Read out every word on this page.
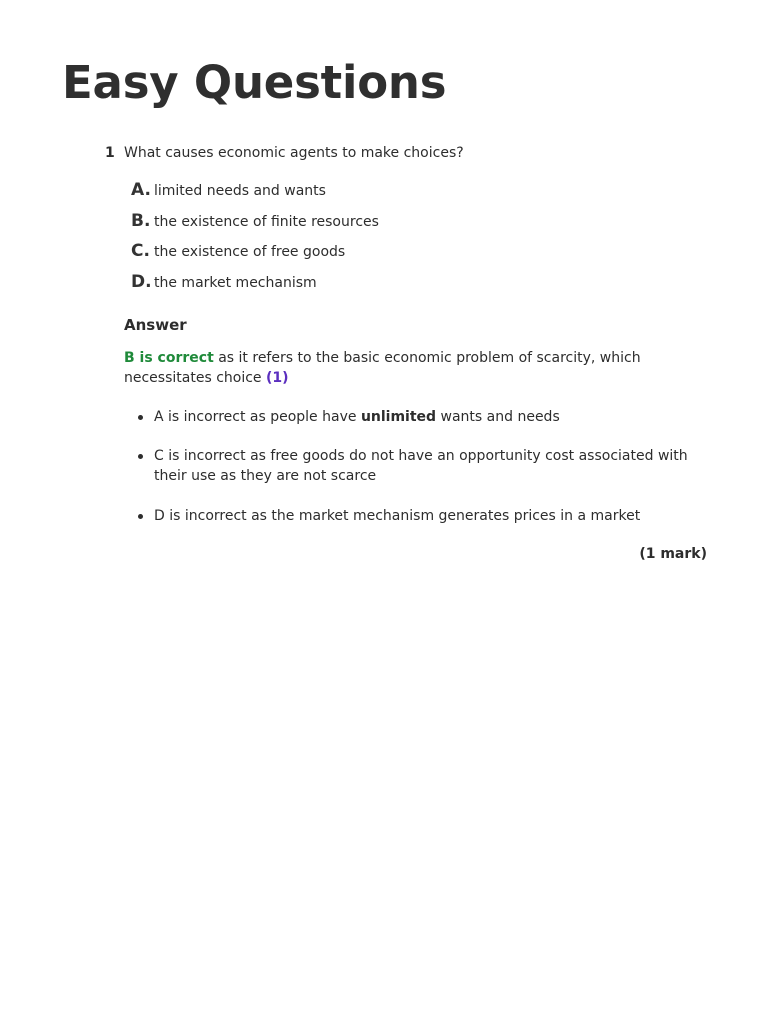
Easy Questions
1 What causes economic agents to make choices?
A. limited needs and wants
B. the existence of finite resources
C. the existence of free goods
D. the market mechanism
Answer

B is correct as it refers to the basic economic problem of scarcity, which necessitates choice (1)

A is incorrect as people have unlimited wants and needs
C is incorrect as free goods do not have an opportunity cost associated with their use as they are not scarce
D is incorrect as the market mechanism generates prices in a market
(1 mark)
